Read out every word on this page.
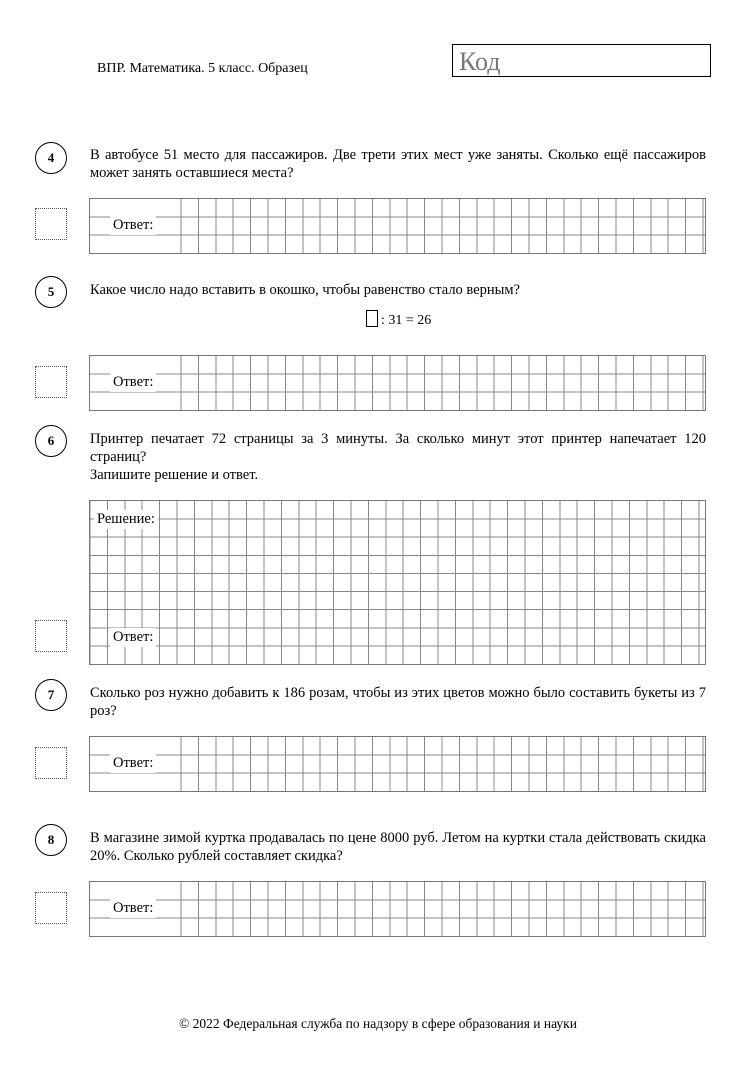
ВПР. Математика. 5 класс. Образец	Код
4	В автобусе 51 место для пассажиров. Две трети этих мест уже заняты. Сколько ещё пассажиров может занять оставшиеся места?

Ответ:
5	Какое число надо вставить в окошко, чтобы равенство стало верным?

: 31 = 26
Ответ:
6	Принтер печатает 72 страницы за 3 минуты. За сколько минут этот принтер напечатает 120 страниц?

Запишите решение и ответ.

Решение:
Ответ:
7	Сколько роз нужно добавить к 186 розам, чтобы из этих цветов можно было составить букеты из 7 роз?

Ответ:
8	В магазине зимой куртка продавалась по цене 8000 руб. Летом на куртки стала действовать скидка 20%. Сколько рублей составляет скидка?

Ответ:
© 2022 Федеральная служба по надзору в сфере образования и науки
